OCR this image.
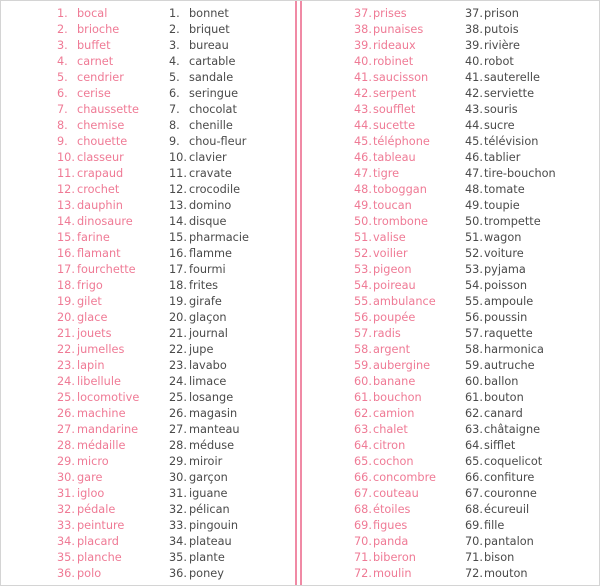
1. bocal
2. brioche
3. buffet
4. carnet
5. cendrier
6. cerise
7. chaussette
8. chemise
9. chouette
10. classeur
11. crapaud
12. crochet
13. dauphin
14. dinosaure
15. farine
16. flamant
17. fourchette
18. frigo
19. gilet
20. glace
21. jouets
22. jumelles
23. lapin
24. libellule
25. locomotive
26. machine
27. mandarine
28. médaille
29. micro
30. gare
31. igloo
32. pédale
33. peinture
34. placard
35. planche
36. polo
1. bonnet
2. briquet
3. bureau
4. cartable
5. sandale
6. seringue
7. chocolat
8. chenille
9. chou-fleur
10. clavier
11. cravate
12. crocodile
13. domino
14. disque
15. pharmacie
16. flamme
17. fourmi
18. frites
19. girafe
20. glaçon
21. journal
22. jupe
23. lavabo
24. limace
25. losange
26. magasin
27. manteau
28. méduse
29. miroir
30. garçon
31. iguane
32. pélican
33. pingouin
34. plateau
35. plante
36. poney
37.prises
38.punaises
39.rideaux
40.robinet
41.saucisson
42.serpent
43.soufflet
44.sucette
45.téléphone
46.tableau
47.tigre
48.toboggan
49.toucan
50.trombone
51.valise
52.voilier
53.pigeon
54.poireau
55.ambulance
56.poupée
57.radis
58.argent
59.aubergine
60.banane
61.bouchon
62.camion
63.chalet
64.citron
65.cochon
66.concombre
67.couteau
68.étoiles
69.figues
70.panda
71.biberon
72.moulin
37.prison
38.putois
39.rivière
40.robot
41.sauterelle
42.serviette
43.souris
44.sucre
45.télévision
46.tablier
47.tire-bouchon
48.tomate
49.toupie
50.trompette
51.wagon
52.voiture
53.pyjama
54.poisson
55.ampoule
56.poussin
57.raquette
58.harmonica
59.autruche
60.ballon
61.bouton
62.canard
63.châtaigne
64.sifflet
65.coquelicot
66.confiture
67.couronne
68.écureuil
69.fille
70.pantalon
71.bison
72.mouton
